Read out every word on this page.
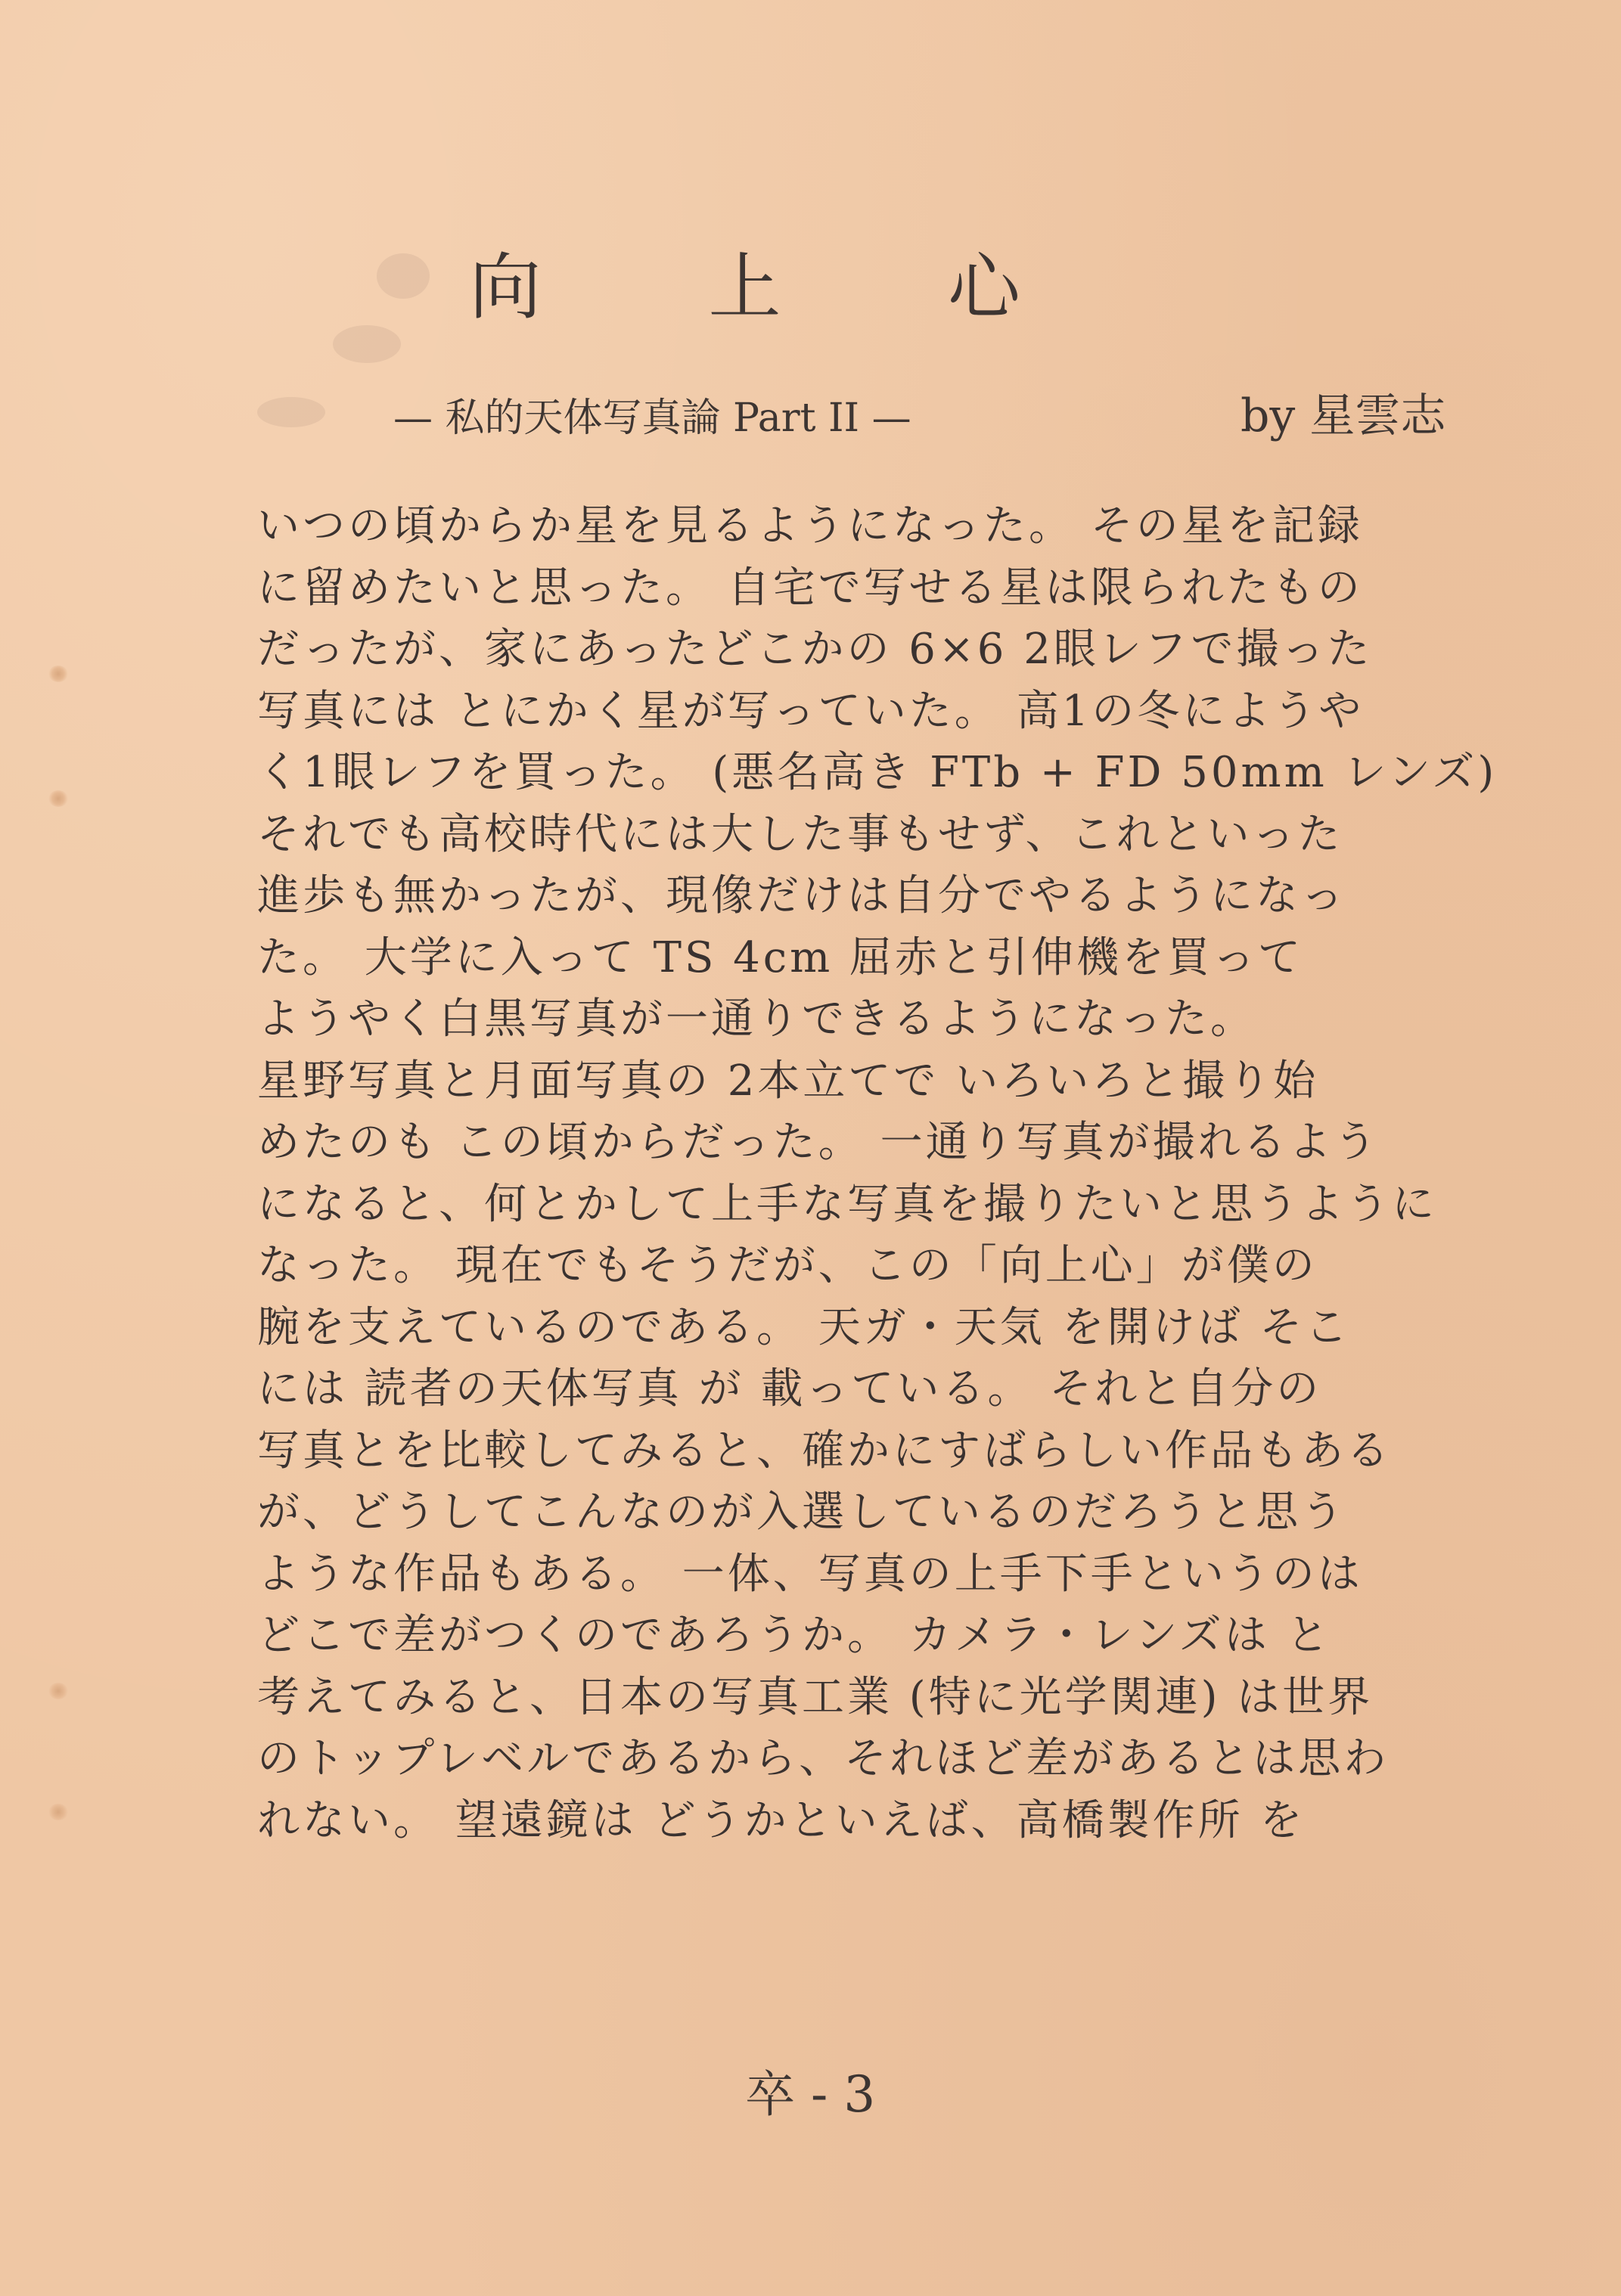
向 上 心
— 私的天体写真論 Part II —	by 星雲志
いつの頃からか星を見るようになった。 その星を記録
に留めたいと思った。 自宅で写せる星は限られたもの
だったが、家にあったどこかの 6×6 2眼レフで撮った
写真には とにかく星が写っていた。 高1の冬にようや
く1眼レフを買った。 (悪名高き FTb + FD 50mm レンズ)
それでも高校時代には大した事もせず、これといった
進歩も無かったが、現像だけは自分でやるようになっ
た。 大学に入って TS 4cm 屈赤と引伸機を買って
ようやく白黒写真が一通りできるようになった。
星野写真と月面写真の 2本立てで いろいろと撮り始
めたのも この頃からだった。 一通り写真が撮れるよう
になると、何とかして上手な写真を撮りたいと思うように
なった。 現在でもそうだが、この「向上心」が僕の
腕を支えているのである。 天ガ・天気 を開けば そこ
には 読者の天体写真 が 載っている。 それと自分の
写真とを比較してみると、確かにすばらしい作品もある
が、どうしてこんなのが入選しているのだろうと思う
ような作品もある。 一体、写真の上手下手というのは
どこで差がつくのであろうか。 カメラ・レンズは と
考えてみると、日本の写真工業 (特に光学関連) は世界
のトップレベルであるから、それほど差があるとは思わ
れない。 望遠鏡は どうかといえば、高橋製作所 を
卒 - 3
